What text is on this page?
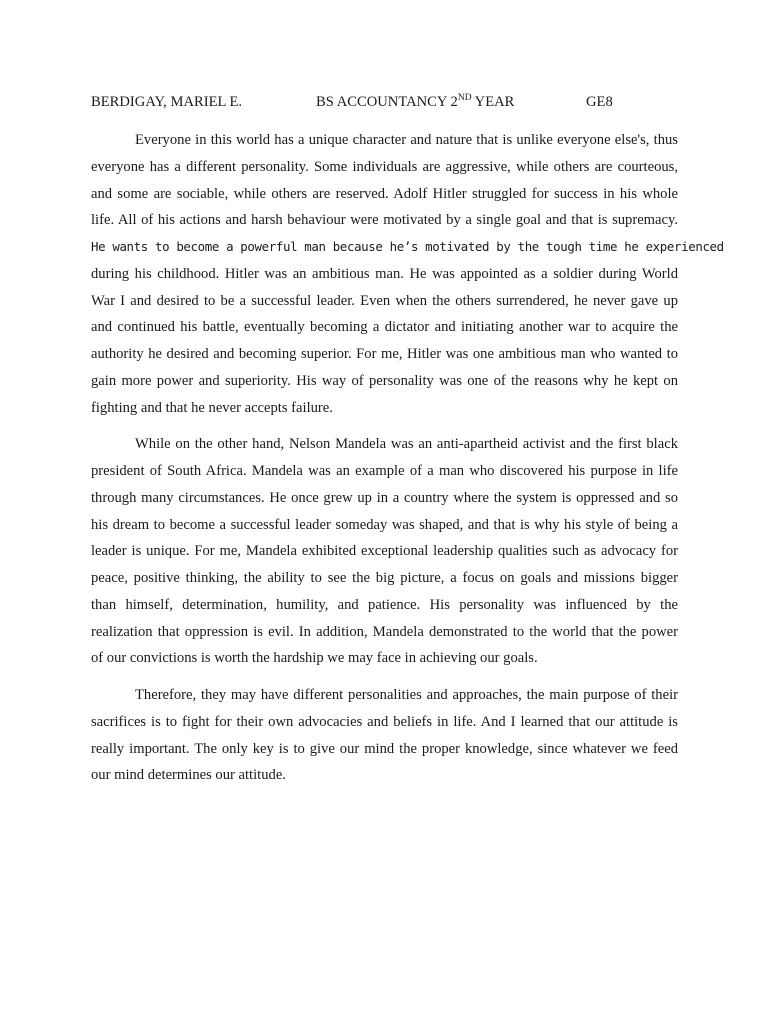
BERDIGAY, MARIEL E.	BS ACCOUNTANCY 2ND YEAR	GE8
Everyone in this world has a unique character and nature that is unlike everyone else's, thus
everyone has a different personality. Some individuals are aggressive, while others are courteous,
and some are sociable, while others are reserved. Adolf Hitler struggled for success in his whole
life. All of his actions and harsh behaviour were motivated by a single goal and that is supremacy.
He wants to become a powerful man because he’s motivated by the tough time he experienced
during his childhood. Hitler was an ambitious man. He was appointed as a soldier during World
War I and desired to be a successful leader. Even when the others surrendered, he never gave up
and continued his battle, eventually becoming a dictator and initiating another war to acquire the
authority he desired and becoming superior. For me, Hitler was one ambitious man who wanted to
gain more power and superiority. His way of personality was one of the reasons why he kept on
fighting and that he never accepts failure.
While on the other hand, Nelson Mandela was an anti-apartheid activist and the first black
president of South Africa. Mandela was an example of a man who discovered his purpose in life
through many circumstances. He once grew up in a country where the system is oppressed and so
his dream to become a successful leader someday was shaped, and that is why his style of being a
leader is unique. For me, Mandela exhibited exceptional leadership qualities such as advocacy for
peace, positive thinking, the ability to see the big picture, a focus on goals and missions bigger
than himself, determination, humility, and patience. His personality was influenced by the
realization that oppression is evil. In addition, Mandela demonstrated to the world that the power
of our convictions is worth the hardship we may face in achieving our goals.
Therefore, they may have different personalities and approaches, the main purpose of their
sacrifices is to fight for their own advocacies and beliefs in life. And I learned that our attitude is
really important. The only key is to give our mind the proper knowledge, since whatever we feed
our mind determines our attitude.
